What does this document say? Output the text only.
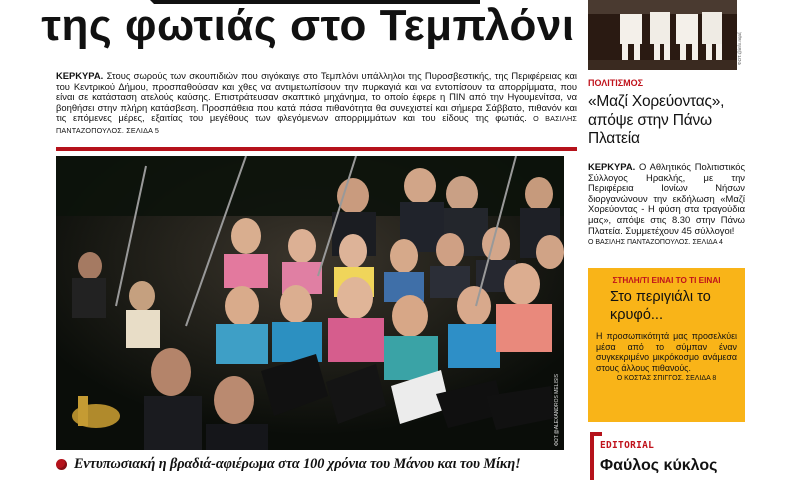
της φωτιάς στο Τεμπλόνι
ΚΕΡΚΥΡΑ. Στους σωρούς των σκουπιδιών που σιγόκαιγε στο Τεμπλόνι υπάλληλοι της Πυροσβεστικής, της Περιφέρειας και του Κεντρικού Δήμου, προσπαθούσαν και χθες να αντιμετωπίσουν την πυρκαγιά και να εντοπίσουν τα απορρίμματα, που είναι σε κατάσταση ατελούς καύσης. Επιστράτευσαν σκαπτικό μηχάνημα, το οποίο έφερε η ΠΙΝ από την Ηγουμενίτσα, να βοηθήσει στην πλήρη κατάσβεση. Προσπάθεια που κατά πάσα πιθανότητα θα συνεχιστεί και σήμερα Σάββατο, πιθανόν και τις επόμενες μέρες, εξαιτίας του μεγέθους των φλεγόμενων απορριμμάτων και του είδους της φωτιάς. Ο ΒΑΣΙΛΗΣ ΠΑΝΤΑΖΟΠΟΥΛΟΣ. ΣΕΛΙΔΑ 5
ΦΩΤ.@ΑLEXANDROS MELISIS
Εντυπωσιακή η βραδιά-αφιέρωμα στα 100 χρόνια του Μάνου και του Μίκη!
ΦΩΤ.@info.nqaξ
ΠΟΛΙΤΙΣΜΟΣ
«Μαζί Χορεύοντας», απόψε στην Πάνω Πλατεία
ΚΕΡΚΥΡΑ. Ο Αθλητικός Πολιτιστικός Σύλλογος Ηρακλής, με την Περιφέρεια Ιονίων Νήσων διοργανώνουν την εκδήλωση «Μαζί Χορεύοντας - Η φύση στα τραγούδια μας», απόψε στις 8.30 στην Πάνω Πλατεία. Συμμετέχουν 45 σύλλογοι!
Ο ΒΑΣΙΛΗΣ ΠΑΝΤΑΖΟΠΟΥΛΟΣ. ΣΕΛΙΔΑ 4
ΣΤΗΛΗ/ΤΙ ΕΙΝΑΙ ΤΟ ΤΙ ΕΙΝΑΙ
Στο περιγιάλι το κρυφό...
Η προσωπικότητά μας προσελκύει μέσα από το σύμπαν έναν συγκεκριμένο μικρόκοσμο ανάμεσα στους άλλους πιθανούς.
Ο ΚΟΣΤΑΣ ΣΠΙΓΓΟΣ. ΣΕΛΙΔΑ 8
EDITORIAL
Φαύλος κύκλος
